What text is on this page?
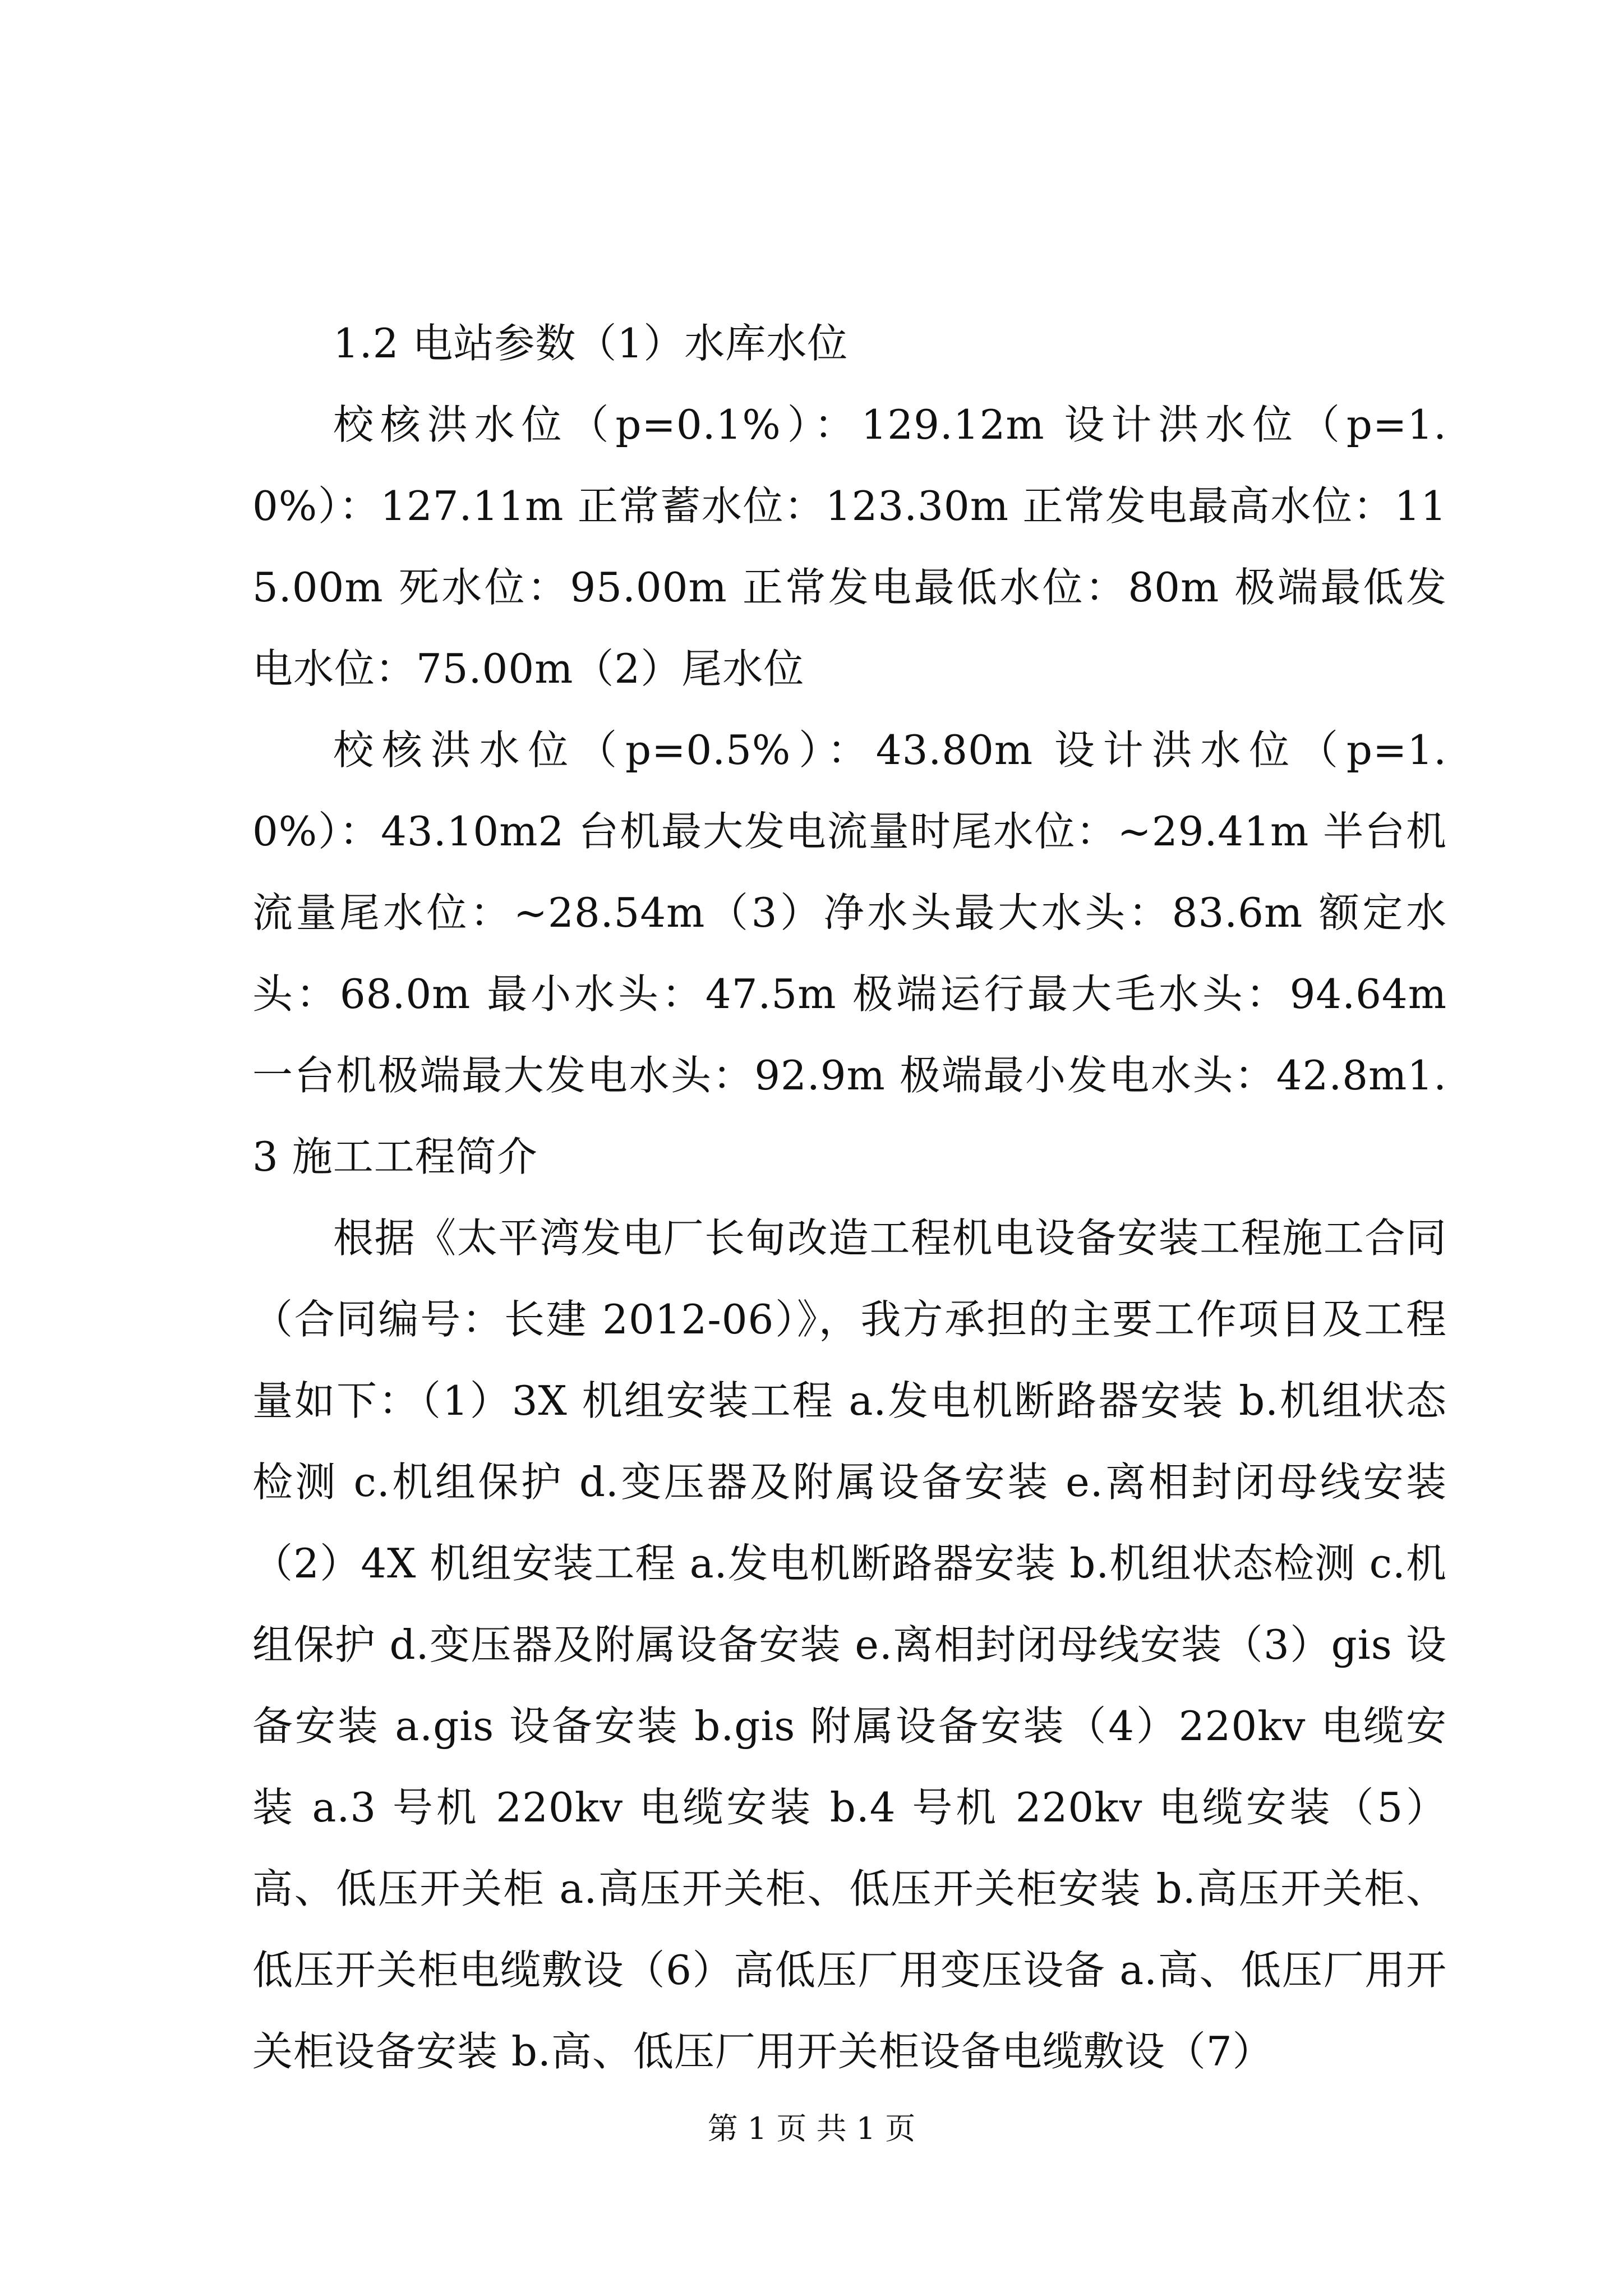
1.2 电站参数（1）水库水位

校核洪水位（p=0.1%）：129.12m 设计洪水位（p=1.0%）：127.11m 正常蓄水位：123.30m 正常发电最高水位：115.00m 死水位：95.00m 正常发电最低水位：80m 极端最低发电水位：75.00m（2）尾水位

校核洪水位（p=0.5%）：43.80m 设计洪水位（p=1.0%）：43.10m2 台机最大发电流量时尾水位：~29.41m 半台机流量尾水位：~28.54m（3）净水头最大水头：83.6m 额定水头：68.0m 最小水头：47.5m 极端运行最大毛水头：94.64m 一台机极端最大发电水头：92.9m 极端最小发电水头：42.8m1.3 施工工程简介

根据《太平湾发电厂长甸改造工程机电设备安装工程施工合同（合同编号：长建 2012-06）》，我方承担的主要工作项目及工程量如下：（1）3X 机组安装工程 a.发电机断路器安装 b.机组状态检测 c.机组保护 d.变压器及附属设备安装 e.离相封闭母线安装（2）4X 机组安装工程 a.发电机断路器安装 b.机组状态检测 c.机组保护 d.变压器及附属设备安装 e.离相封闭母线安装（3）gis 设备安装 a.gis 设备安装 b.gis 附属设备安装（4）220kv 电缆安装 a.3 号机 220kv 电缆安装 b.4 号机 220kv 电缆安装（5）高、低压开关柜 a.高压开关柜、低压开关柜安装 b.高压开关柜、低压开关柜电缆敷设（6）高低压厂用变压设备 a.高、低压厂用开关柜设备安装 b.高、低压厂用开关柜设备电缆敷设（7）

第 1 页 共 1 页
